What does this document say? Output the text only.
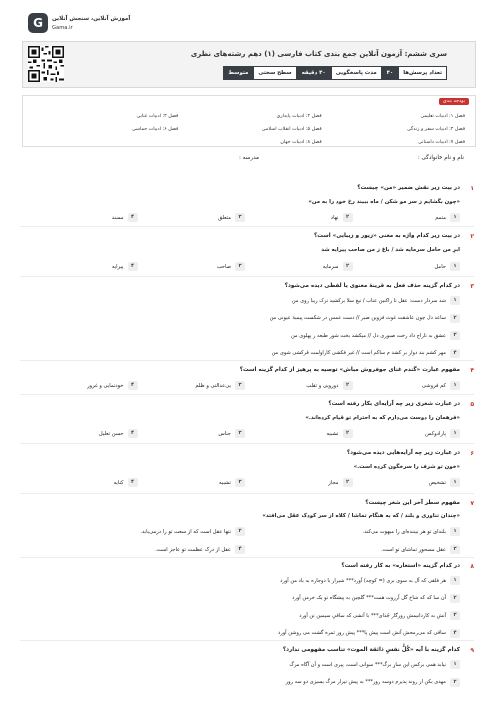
G آموزش آنلاین، سنجش آنلاین
Gama.ir
سری ششم: آزمون آنلاین جمع بندی کتاب فارسی (۱) دهم رشته‌های نظری
تعداد پرسش‌ها
۴۰
مدت پاسخگویی
۴۰ دقیقه
سطح سختی
متوسط
بودجه بندی
فصل ۱: ادبیات تعلیمی
فصل ۲: ادبیات پایداری
فصل ۳: ادبیات غنایی
فصل ۴: ادبیات سفر و زندگی
فصل ۵: ادبیات انقلاب اسلامی
فصل ۶: ادبیات حماسی
فصل ۷: ادبیات داستانی
فصل ۸: ادبیات جهان
نام و نام خانوادگی :
مدرسه :
۱
در بیت زیر نقش ضمیر «من» چیست؟
«چون بگشایم ز سر مو شکن / ماه ببیند رخ خود را به من»
۱
متمم
۲
نهاد
۳
متعلق
۴
مسند
۲
در بیت زیر کدام واژه به معنی «زیور و زیبایی» است؟
ابرِ من حامل سرمایه شد / باغ ز من صاحب پیرایه شد
۱
حامل
۲
سرمایه
۳
صاحب
۴
پیرایه
۳
در کدام گزینه حذف فعل به قرینهٔ معنوی یا لفظی دیده می‌شود؟
۱
شد سرداز دست: عقل تا زاکنین عتاب / تیغ سلا برکشید ترک زیبا روی من
۲
ساعد دل چون عاشقت غوث فزوین صبر // دست عمس در شکست پیمبهٔ عیونی من
۳
عشق به تاراج داد رخت صبوری دل // میکشد بخت شور طبعه ز پهلوی من
۴
مهر کشم بند دوار بر کشد م ساکم است // غیر فکشی کاراولمت قرکشی شوی من
۴
مفهوم عبارت «گندم غنای جوفروش مباش» توصیه به پرهیز از کدام گزینه است؟
۱
کم فروشی
۲
دورویی و تقلب
۳
بی‌عدالتی و ظلم
۴
خودنمایی و غرور
۵
در عبارت شعری زیر چه آرایه‌ای بکار رفته است؟
«فرهمان را دوست می‌دارم که به احترام تو قیام کرده‌اند.»
۱
پارادوکس
۲
تشبیه
۳
جناس
۴
حسن تعلیل
۶
در عبارت زیر چه آرایه‌هایی دیده می‌شود؟
«خون تو شرف را سرخگون کرده است.»
۱
تشخیص
۲
مجاز
۳
تشبیه
۴
کنایه
۷
مفهوم سطر آخر این شعر چیست؟
«چندان تناوری و بلند / که به هنگام تماشا / کلاه از سر کودک عقل می‌افتد»
۱
بلندای تو هر بیننده‌ای را مبهوت می‌کند.
۲
تنها عقل است که از سعت تو را درمی‌یابد.
۳
عقل مسحور تماشای تو است.
۴
عقل از درک عظمت تو عاجز است.
۸
در کدام گزینه «استعاره» به کار رفته است؟
۱
هر فلقی که آل به سوی بری (= کوچه) آورد*** شیراز با دوجاره به باد من آورد
۲
آن سا که که شاخ گل آرزوت همت*** گلچین به پیشگاه تو یک خرمن آورد
۳
آتش به کاردانیمش روزگار جُدای*** با آتشی که ساقیِ سیمین تن آورد
۴
ساقی که می‌رمحش آتش است پیش پا*** پیش روز ثمره گشت می روشن آورد
۹
کدام گزینه با آیه «کُلُّ نفسٍ ذائقة الموت» تناسب مفهومی ندارد؟
۱
نیابد همی برکس این سازِ برگ*** سوانی است، پیری است و آن آگاه مرگ
۲
مهدی بکن از روند پذیرم دوسه روز*** به پیش تیراز مرگ بسیزی دو سه روز
